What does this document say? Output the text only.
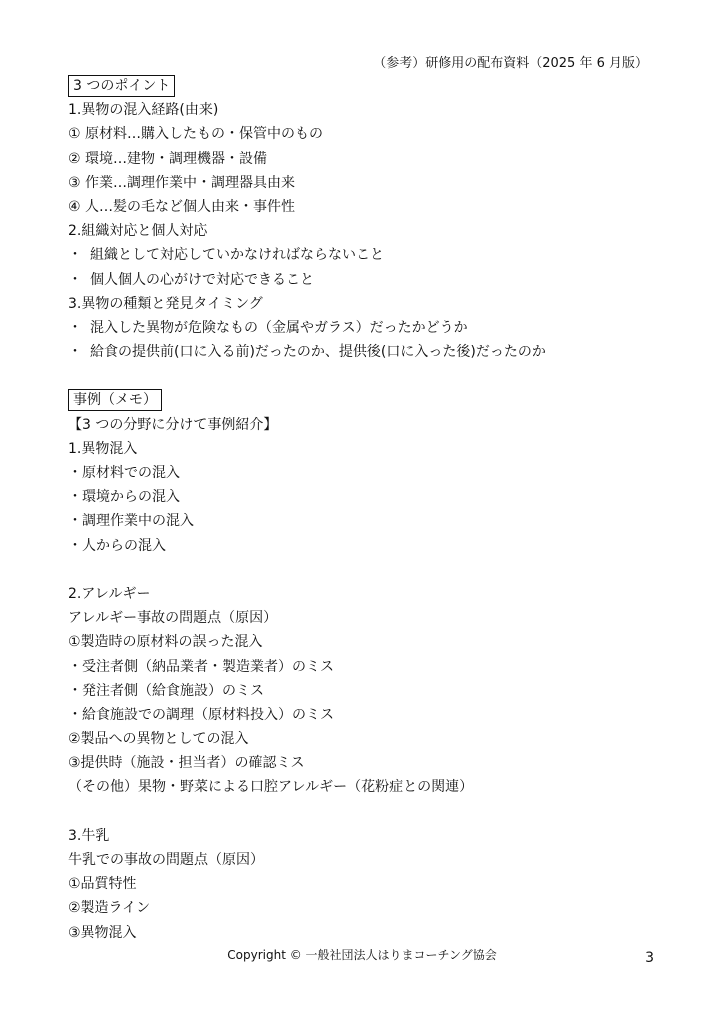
（参考）研修用の配布資料（2025 年 6 月版）
3 つのポイント
1.異物の混入経路(由来)
① 原材料…購入したもの・保管中のもの
② 環境…建物・調理機器・設備
③ 作業…調理作業中・調理器具由来
④ 人…髪の毛など個人由来・事件性
2.組織対応と個人対応
・ 組織として対応していかなければならないこと
・ 個人個人の心がけで対応できること
3.異物の種類と発見タイミング
・ 混入した異物が危険なもの（金属やガラス）だったかどうか
・ 給食の提供前(口に入る前)だったのか、提供後(口に入った後)だったのか
事例（メモ）
【3 つの分野に分けて事例紹介】
1.異物混入
・原材料での混入
・環境からの混入
・調理作業中の混入
・人からの混入
2.アレルギー
アレルギー事故の問題点（原因）
①製造時の原材料の誤った混入
・受注者側（納品業者・製造業者）のミス
・発注者側（給食施設）のミス
・給食施設での調理（原材料投入）のミス
②製品への異物としての混入
③提供時（施設・担当者）の確認ミス
（その他）果物・野菜による口腔アレルギー（花粉症との関連）
3.牛乳
牛乳での事故の問題点（原因）
①品質特性
②製造ライン
③異物混入
Copyright © 一般社団法人はりまコーチング協会	3
